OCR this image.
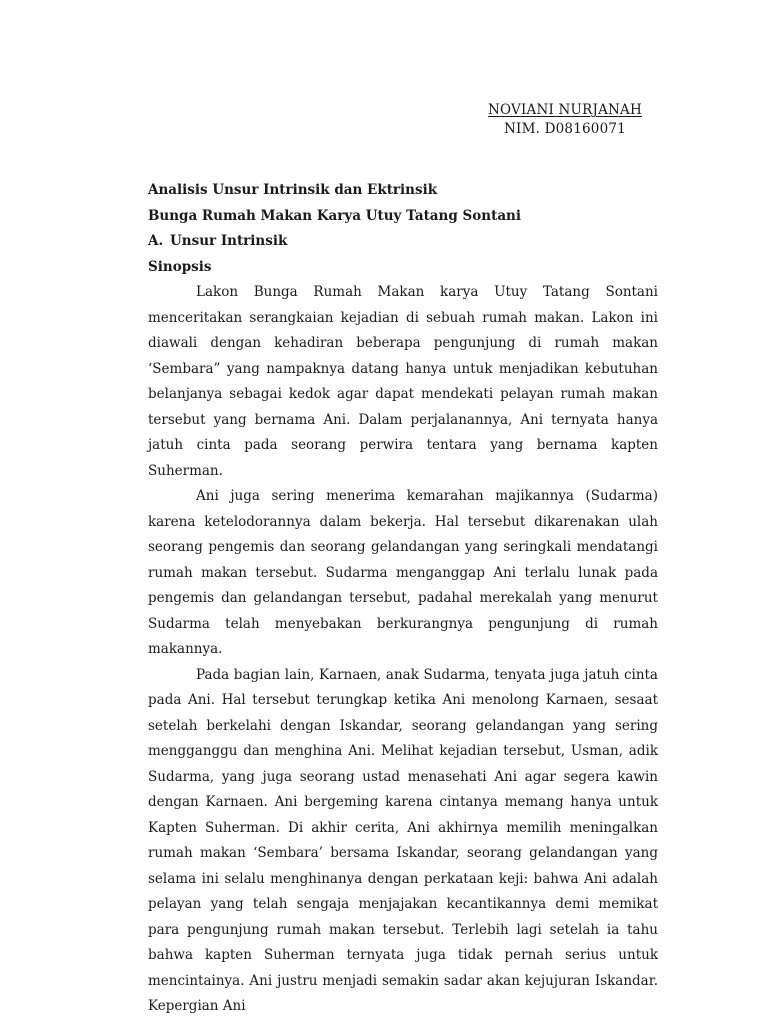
NOVIANI NURJANAH
NIM. D08160071

Analisis Unsur Intrinsik dan Ektrinsik

Bunga Rumah Makan Karya Utuy Tatang Sontani

A. Unsur Intrinsik

Sinopsis

Lakon Bunga Rumah Makan karya Utuy Tatang Sontani menceritakan serangkaian kejadian di sebuah rumah makan. Lakon ini diawali dengan kehadiran beberapa pengunjung di rumah makan ‘Sembara” yang nampaknya datang hanya untuk menjadikan kebutuhan belanjanya sebagai kedok agar dapat mendekati pelayan rumah makan tersebut yang bernama Ani. Dalam perjalanannya, Ani ternyata hanya jatuh cinta pada seorang perwira tentara yang bernama kapten Suherman.

Ani juga sering menerima kemarahan majikannya (Sudarma) karena ketelodorannya dalam bekerja. Hal tersebut dikarenakan ulah seorang pengemis dan seorang gelandangan yang seringkali mendatangi rumah makan tersebut. Sudarma menganggap Ani terlalu lunak pada pengemis dan gelandangan tersebut, padahal merekalah yang menurut Sudarma telah menyebakan berkurangnya pengunjung di rumah makannya.

Pada bagian lain, Karnaen, anak Sudarma, tenyata juga jatuh cinta pada Ani. Hal tersebut terungkap ketika Ani menolong Karnaen, sesaat setelah berkelahi dengan Iskandar, seorang gelandangan yang sering mengganggu dan menghina Ani. Melihat kejadian tersebut, Usman, adik Sudarma, yang juga seorang ustad menasehati Ani agar segera kawin dengan Karnaen. Ani bergeming karena cintanya memang hanya untuk Kapten Suherman. Di akhir cerita, Ani akhirnya memilih meningalkan rumah makan ‘Sembara’ bersama Iskandar, seorang gelandangan yang selama ini selalu menghinanya dengan perkataan keji: bahwa Ani adalah pelayan yang telah sengaja menjajakan kecantikannya demi memikat para pengunjung rumah makan tersebut. Terlebih lagi setelah ia tahu bahwa kapten Suherman ternyata juga tidak pernah serius untuk mencintainya. Ani justru menjadi semakin sadar akan kejujuran Iskandar. Kepergian Ani
